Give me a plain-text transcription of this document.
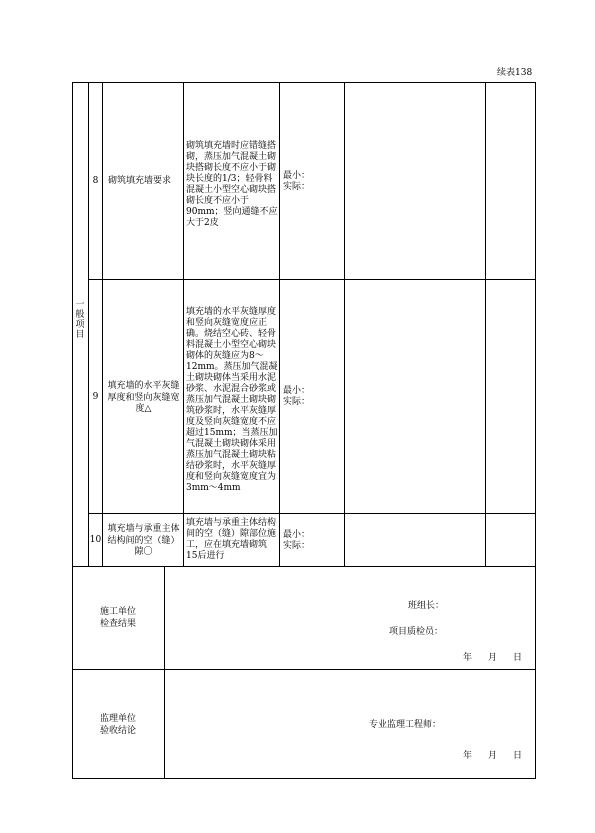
续表138
一般项目
8	砌筑填充墙要求
砌筑填充墙时应错缝搭砌，蒸压加气混凝土砌块搭砌长度不应小于砌块长度的1/3；轻骨料混凝土小型空心砌块搭砌长度不应小于90mm；竖向通缝不应大于2皮
最小：
实际：
9
填充墙的水平灰缝厚度和竖向灰缝宽度△
填充墙的水平灰缝厚度和竖向灰缝宽度应正确。烧结空心砖、轻骨料混凝土小型空心砌块砌体的灰缝应为8～12mm。蒸压加气混凝土砌块砌体当采用水泥砂浆、水泥混合砂浆或蒸压加气混凝土砌块砌筑砂浆时，水平灰缝厚度及竖向灰缝宽度不应超过15mm；当蒸压加气混凝土砌块砌体采用蒸压加气混凝土砌块粘结砂浆时，水平灰缝厚度和竖向灰缝宽度宜为3mm～4mm
最小：
实际：
10
填充墙与承重主体结构间的空（缝）隙〇
填充墙与承重主体结构间的空（缝）隙部位施工，应在填充墙砌筑15后进行
最小：
实际：
施工单位检查结果
班组长：
项目质检员：
年 月 日
监理单位验收结论
专业监理工程师：
年 月 日
